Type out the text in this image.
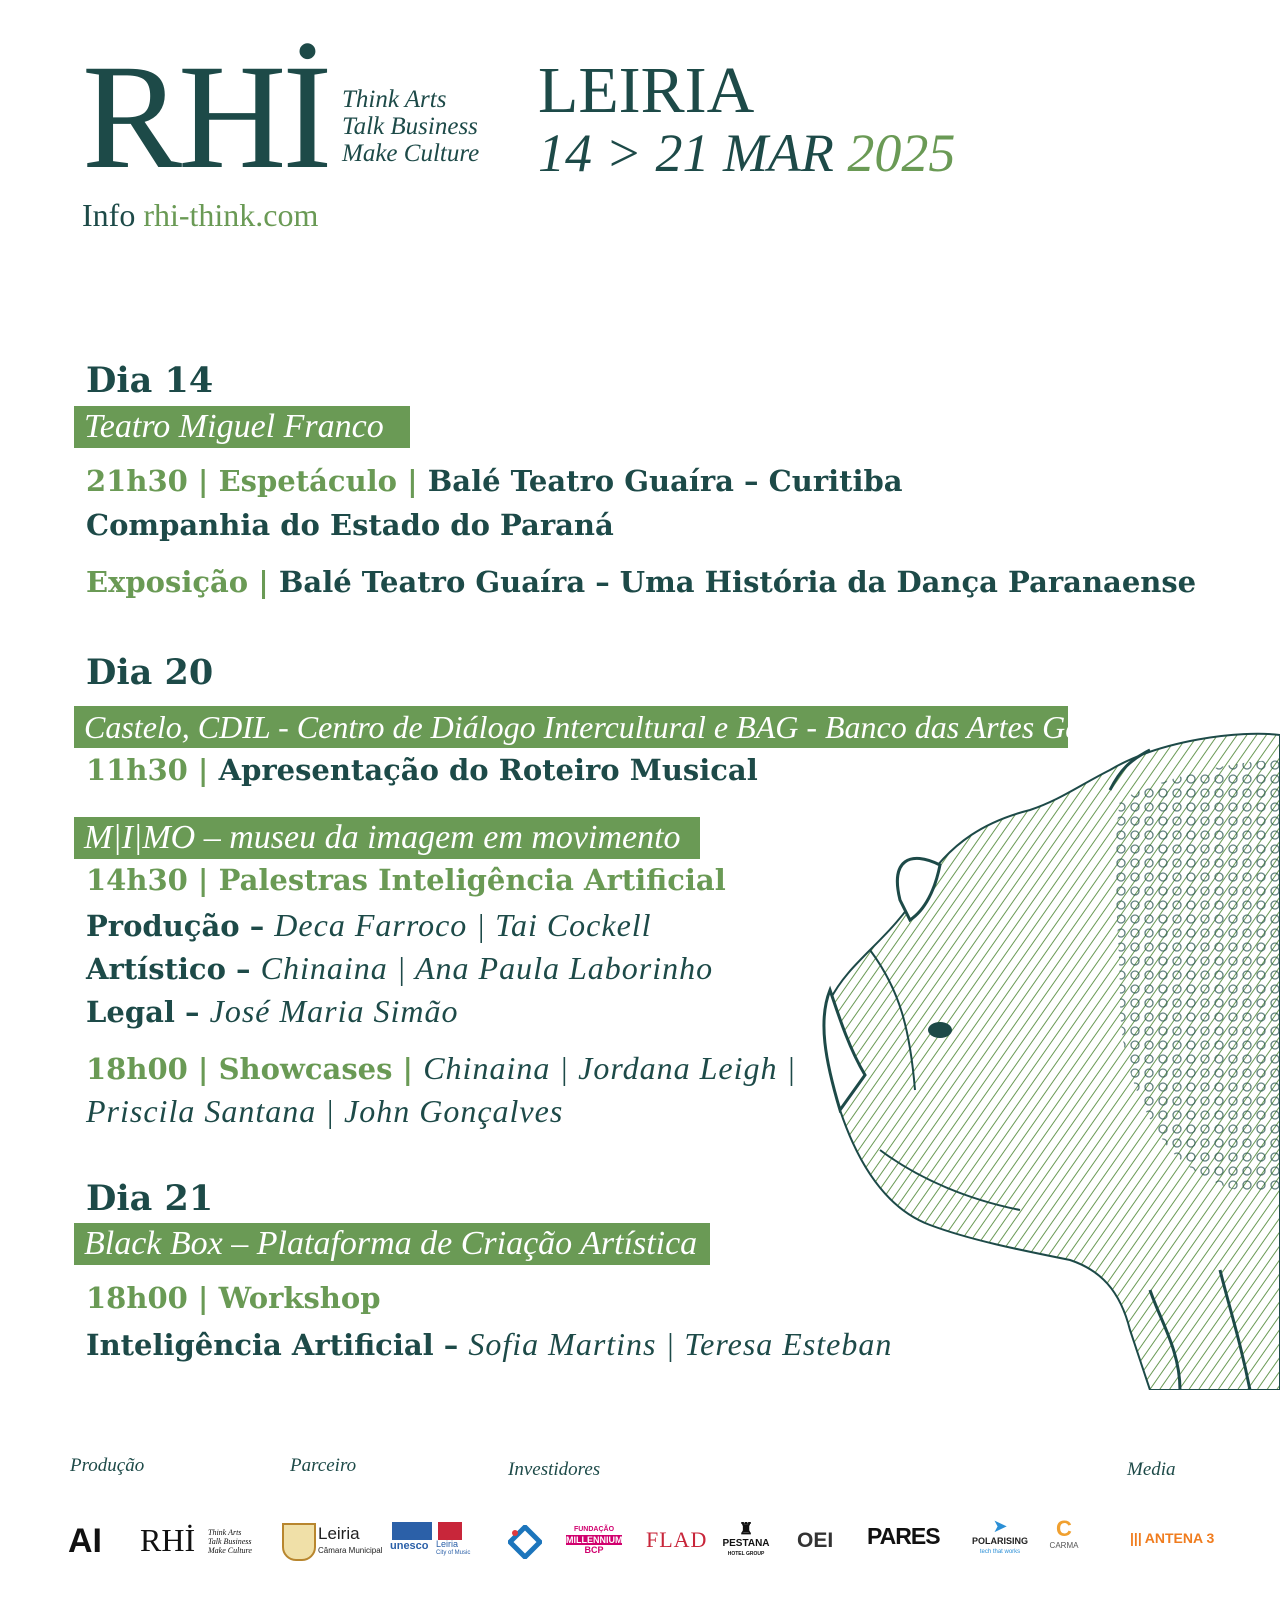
RHİ Think Arts
Talk Business
Make Culture
Info rhi-think.com
LEIRIA
14 > 21 MAR 2025
Dia 14
Teatro Miguel Franco
21h30 | Espetáculo | Balé Teatro Guaíra – Curitiba
Companhia do Estado do Paraná
Exposição | Balé Teatro Guaíra – Uma História da Dança Paranaense
Dia 20
Castelo, CDIL - Centro de Diálogo Intercultural e BAG - Banco das Artes Galeria
11h30 | Apresentação do Roteiro Musical
M|I|MO – museu da imagem em movimento
14h30 | Palestras Inteligência Artificial
Produção – Deca Farroco | Tai Cockell
Artístico – Chinaina | Ana Paula Laborinho
Legal – José Maria Simão
18h00 | Showcases | Chinaina | Jordana Leigh |
Priscila Santana | John Gonçalves
Dia 21
Black Box – Plataforma de Criação Artística
18h00 | Workshop
Inteligência Artificial – Sofia Martins | Teresa Esteban
Produção	Parceiro	Investidores	Media
AI RHİ Think Arts
Talk Business
Make Culture
Leiria
Câmara Municipal unesco Leiria
City of Music
FUNDAÇÃO
MILLENNIUM
BCP	FLAD	♜
PESTANA
HOTEL GROUP
OEI PARES	➤
POLARISING
tech that works
C
CARMA	||| ANTENA 3
